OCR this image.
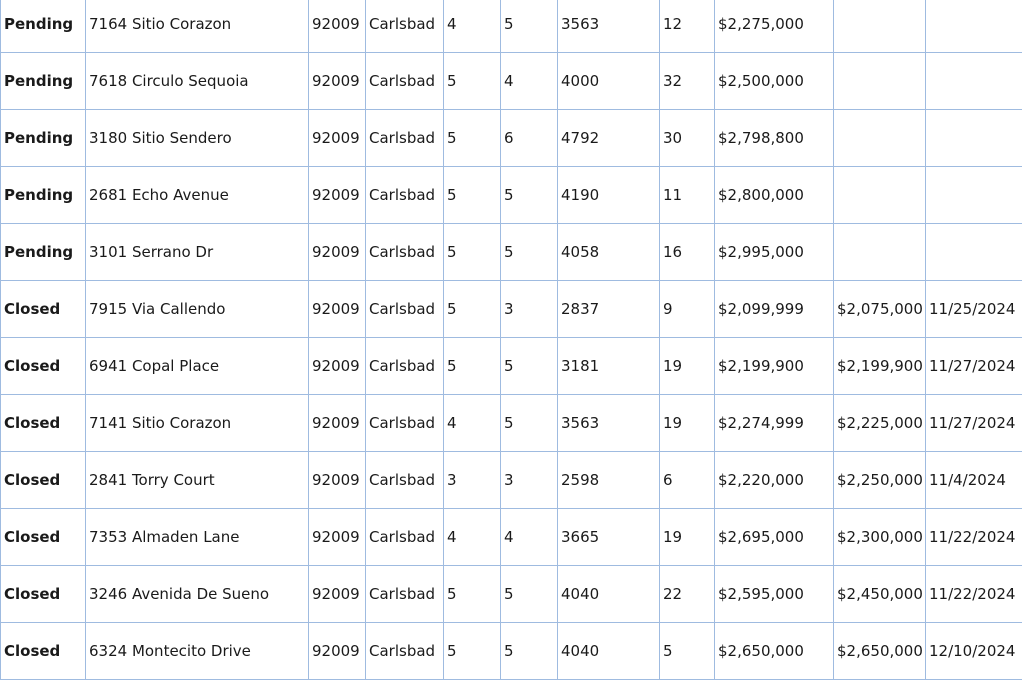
Pending	7164 Sitio Corazon	92009	Carlsbad	4	5	3563	12	$2,275,000		
Pending	7618 Circulo Sequoia	92009	Carlsbad	5	4	4000	32	$2,500,000		
Pending	3180 Sitio Sendero	92009	Carlsbad	5	6	4792	30	$2,798,800		
Pending	2681 Echo Avenue	92009	Carlsbad	5	5	4190	11	$2,800,000		
Pending	3101 Serrano Dr	92009	Carlsbad	5	5	4058	16	$2,995,000		
Closed	7915 Via Callendo	92009	Carlsbad	5	3	2837	9	$2,099,999	$2,075,000	11/25/2024
Closed	6941 Copal Place	92009	Carlsbad	5	5	3181	19	$2,199,900	$2,199,900	11/27/2024
Closed	7141 Sitio Corazon	92009	Carlsbad	4	5	3563	19	$2,274,999	$2,225,000	11/27/2024
Closed	2841 Torry Court	92009	Carlsbad	3	3	2598	6	$2,220,000	$2,250,000	11/4/2024
Closed	7353 Almaden Lane	92009	Carlsbad	4	4	3665	19	$2,695,000	$2,300,000	11/22/2024
Closed	3246 Avenida De Sueno	92009	Carlsbad	5	5	4040	22	$2,595,000	$2,450,000	11/22/2024
Closed	6324 Montecito Drive	92009	Carlsbad	5	5	4040	5	$2,650,000	$2,650,000	12/10/2024
